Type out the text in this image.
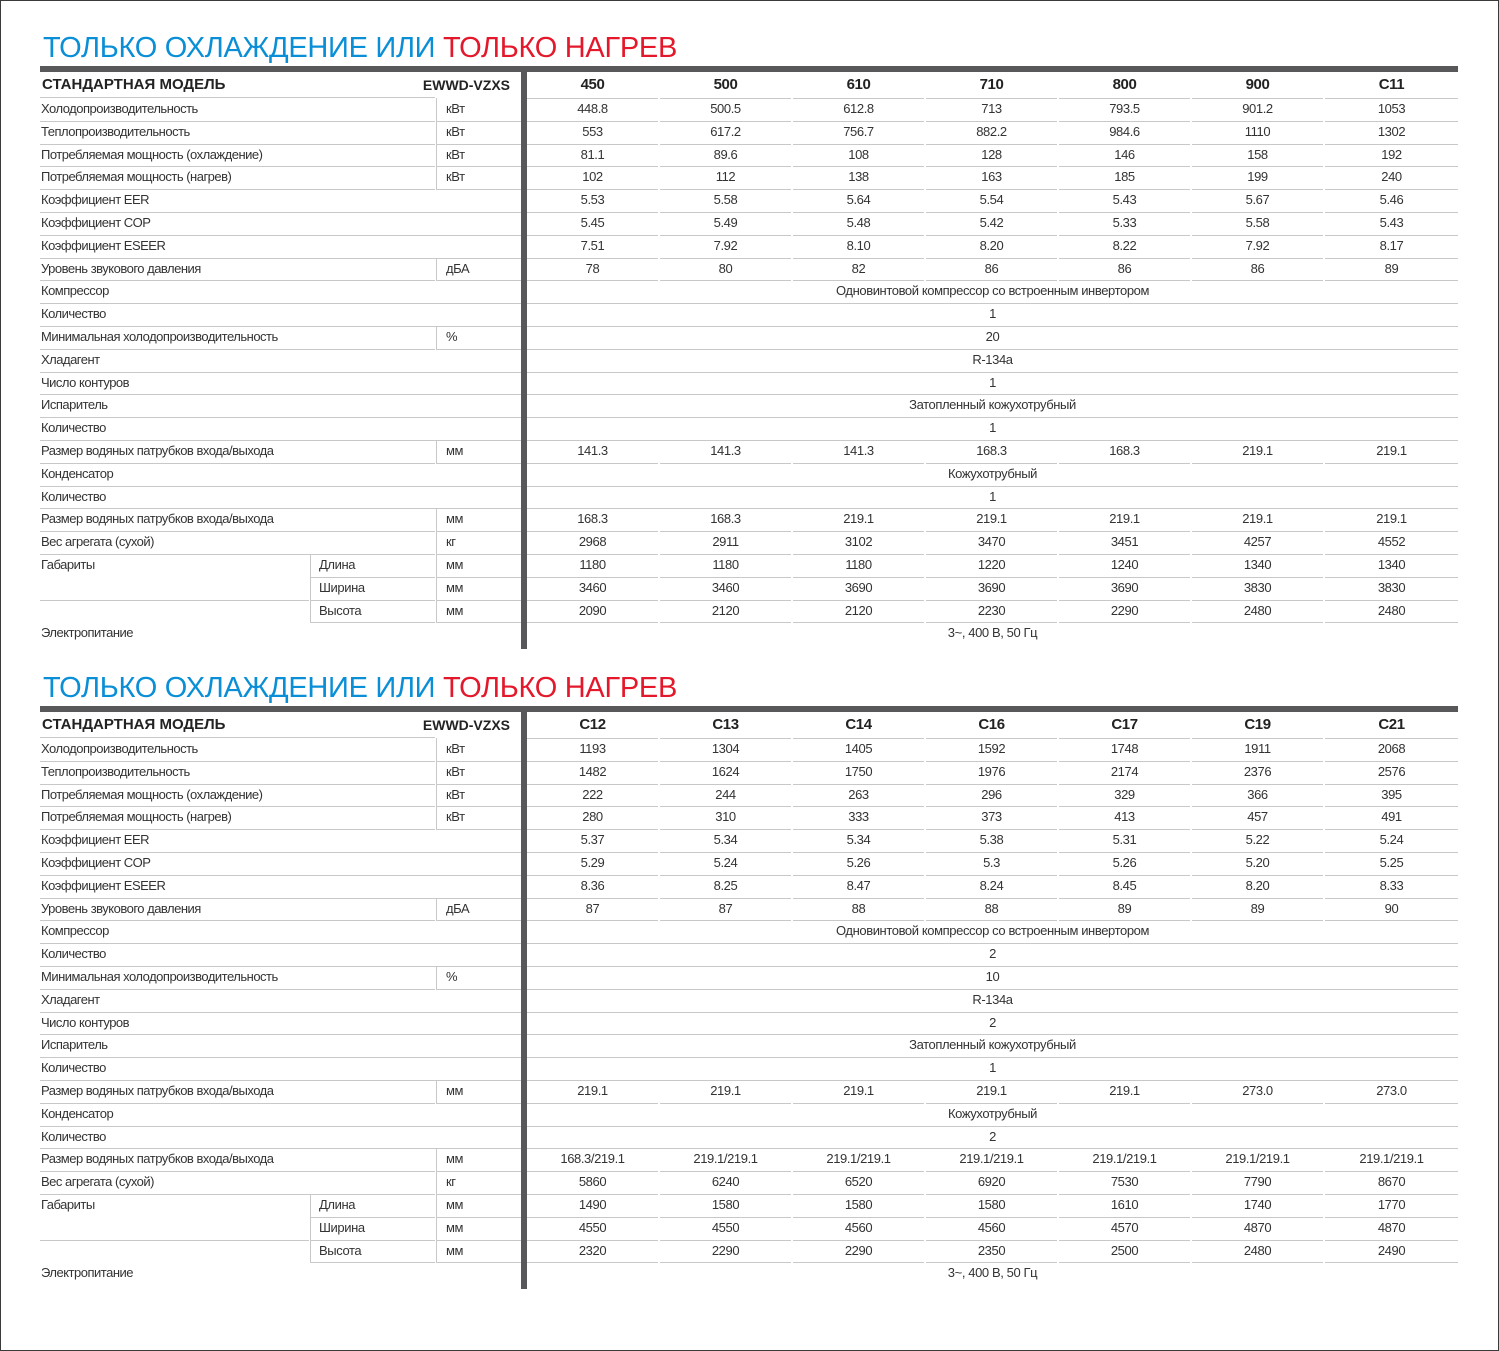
ТОЛЬКО ОХЛАЖДЕНИЕ ИЛИ ТОЛЬКО НАГРЕВ
СТАНДАРТНАЯ МОДЕЛЬ	EWWD-VZXS	450	500	610	710	800	900	C11
Холодопроизводительность	кВт	448.8	500.5	612.8	713	793.5	901.2	1053
Теплопроизводительность	кВт	553	617.2	756.7	882.2	984.6	1110	1302
Потребляемая мощность (охлаждение)	кВт	81.1	89.6	108	128	146	158	192
Потребляемая мощность (нагрев)	кВт	102	112	138	163	185	199	240
Коэффициент EER	5.53	5.58	5.64	5.54	5.43	5.67	5.46
Коэффициент COP	5.45	5.49	5.48	5.42	5.33	5.58	5.43
Коэффициент ESEER	7.51	7.92	8.10	8.20	8.22	7.92	8.17
Уровень звукового давления	дБА	78	80	82	86	86	86	89
Компрессор	Одновинтовой компрессор со встроенным инвертором
Количество	1
Минимальная холодопроизводительность	%	20
Хладагент	R-134a
Число контуров	1
Испаритель	Затопленный кожухотрубный
Количество	1
Размер водяных патрубков входа/выхода	мм	141.3	141.3	141.3	168.3	168.3	219.1	219.1
Конденсатор	Кожухотрубный
Количество	1
Размер водяных патрубков входа/выхода	мм	168.3	168.3	219.1	219.1	219.1	219.1	219.1
Вес агрегата (сухой)	кг	2968	2911	3102	3470	3451	4257	4552
Габариты	Длина	мм	1180	1180	1180	1220	1240	1340	1340
Ширина	мм	3460	3460	3690	3690	3690	3830	3830
Высота	мм	2090	2120	2120	2230	2290	2480	2480
Электропитание	3~, 400 В, 50 Гц
ТОЛЬКО ОХЛАЖДЕНИЕ ИЛИ ТОЛЬКО НАГРЕВ
СТАНДАРТНАЯ МОДЕЛЬ	EWWD-VZXS	C12	C13	C14	C16	C17	C19	C21
Холодопроизводительность	кВт	1193	1304	1405	1592	1748	1911	2068
Теплопроизводительность	кВт	1482	1624	1750	1976	2174	2376	2576
Потребляемая мощность (охлаждение)	кВт	222	244	263	296	329	366	395
Потребляемая мощность (нагрев)	кВт	280	310	333	373	413	457	491
Коэффициент EER	5.37	5.34	5.34	5.38	5.31	5.22	5.24
Коэффициент COP	5.29	5.24	5.26	5.3	5.26	5.20	5.25
Коэффициент ESEER	8.36	8.25	8.47	8.24	8.45	8.20	8.33
Уровень звукового давления	дБА	87	87	88	88	89	89	90
Компрессор	Одновинтовой компрессор со встроенным инвертором
Количество	2
Минимальная холодопроизводительность	%	10
Хладагент	R-134a
Число контуров	2
Испаритель	Затопленный кожухотрубный
Количество	1
Размер водяных патрубков входа/выхода	мм	219.1	219.1	219.1	219.1	219.1	273.0	273.0
Конденсатор	Кожухотрубный
Количество	2
Размер водяных патрубков входа/выхода	мм	168.3/219.1	219.1/219.1	219.1/219.1	219.1/219.1	219.1/219.1	219.1/219.1	219.1/219.1
Вес агрегата (сухой)	кг	5860	6240	6520	6920	7530	7790	8670
Габариты	Длина	мм	1490	1580	1580	1580	1610	1740	1770
Ширина	мм	4550	4550	4560	4560	4570	4870	4870
Высота	мм	2320	2290	2290	2350	2500	2480	2490
Электропитание	3~, 400 В, 50 Гц
